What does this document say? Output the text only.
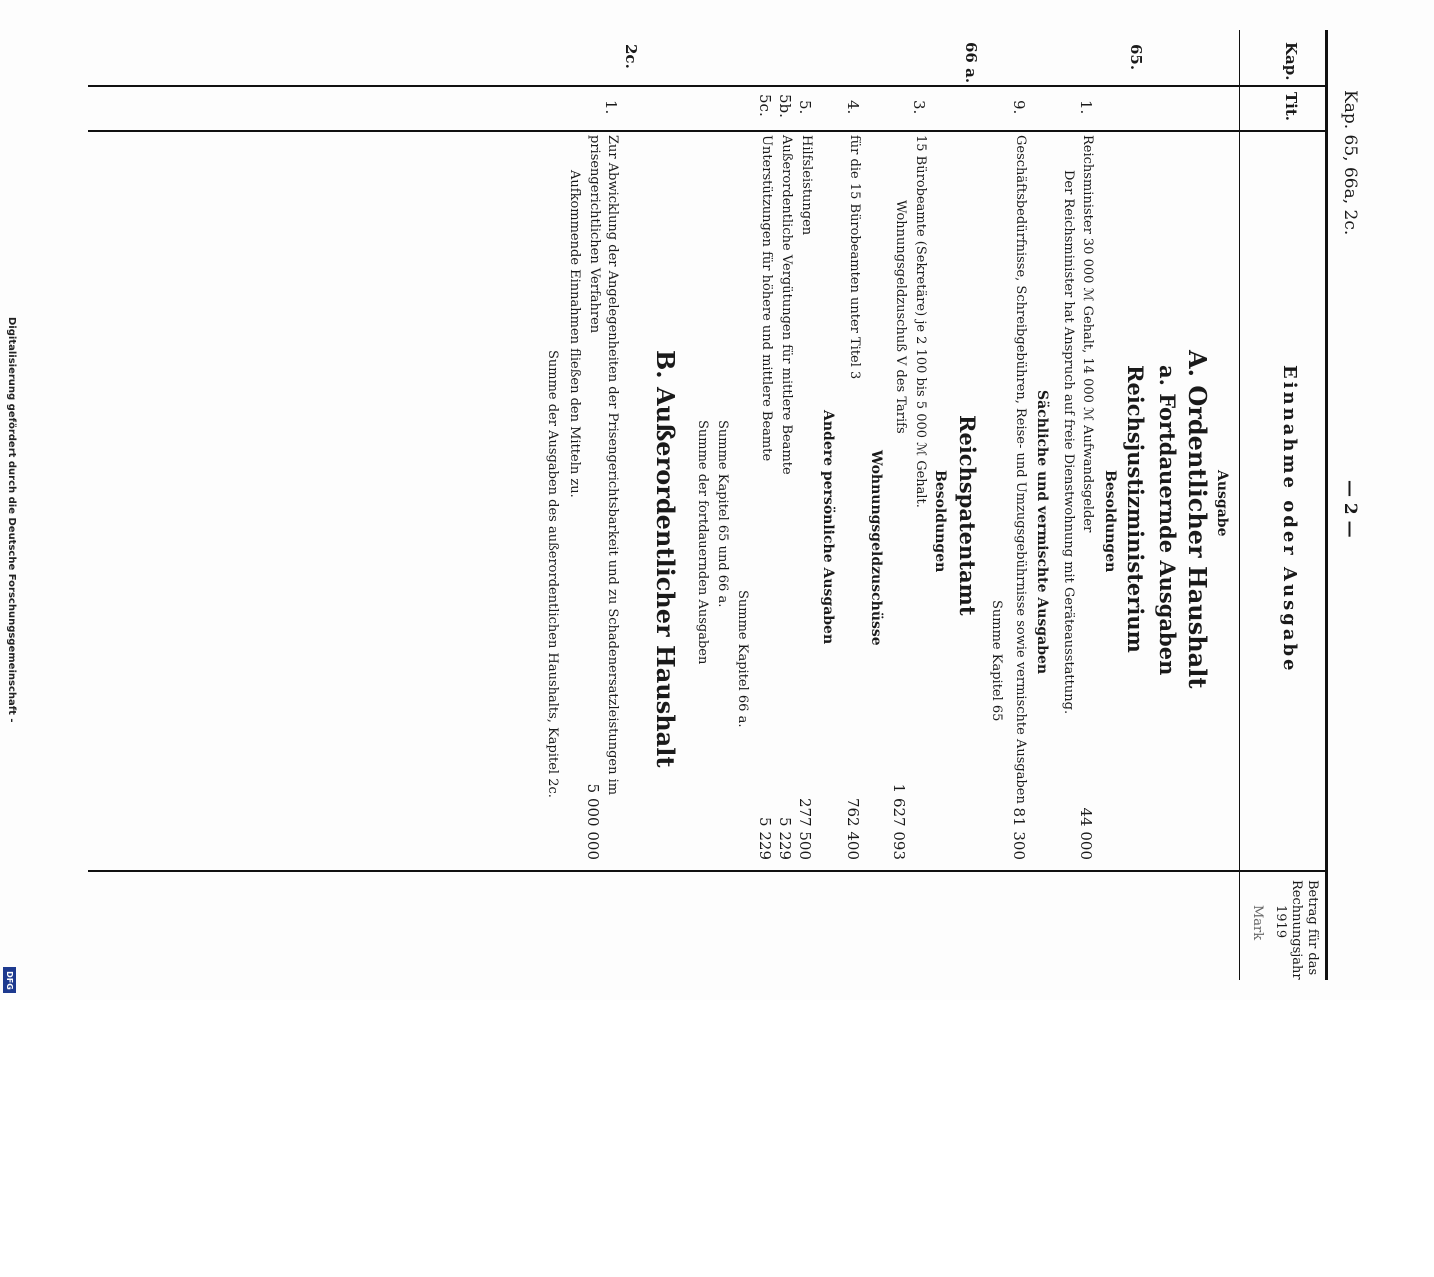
Digitalisierung gefördert durch die Deutsche Forschungsgemeinschaft -
DFG
Kap. 65, 66a, 2c.
— 2 —
Kap.
Tit.
Einnahme oder Ausgabe
Betrag für das
Rechnungsjahr
1919
Mark
Ausgabe
A. Ordentlicher Haushalt
a. Fortdauernde Ausgaben
Reichsjustizministerium
Besoldungen
65.
1.
Reichsminister 30 000 ℳ Gehalt, 14 000 ℳ Aufwandsgelder
44 000
Der Reichsminister hat Anspruch auf freie Dienstwohnung mit Geräteausstattung.
Sächliche und vermischte Ausgaben
9.
Geschäftsbedürfnisse, Schreibgebühren, Reise- und Umzugsgebührnisse sowie vermischte Ausgaben
81 300
Summe Kapitel 65
66 a.
Reichspatentamt
Besoldungen
3.
15 Bürobeamte (Sekretäre) je 2 100 bis 5 000 ℳ Gehalt.
Wohnungsgeldzuschuß V des Tarifs
1 627 093
Wohnungsgeldzuschüsse
4.
für die 15 Bürobeamten unter Titel 3
762 400
Andere persönliche Ausgaben
5.
Hilfsleistungen
277 500
5b.
Außerordentliche Vergütungen für mittlere Beamte
5 229
5c.
Unterstützungen für höhere und mittlere Beamte
5 229
Summe Kapitel 66 a.
Summe Kapitel 65 und 66 a.
Summe der fortdauernden Ausgaben
B. Außerordentlicher Haushalt
2c.
1.
Zur Abwicklung der Angelegenheiten der Prisengerichtsbarkeit und zu Schadenersatzleistungen im
prisengerichtlichen Verfahren
5 000 000
Aufkommende Einnahmen fließen den Mitteln zu.
Summe der Ausgaben des außerordentlichen Haushalts, Kapitel 2c.
